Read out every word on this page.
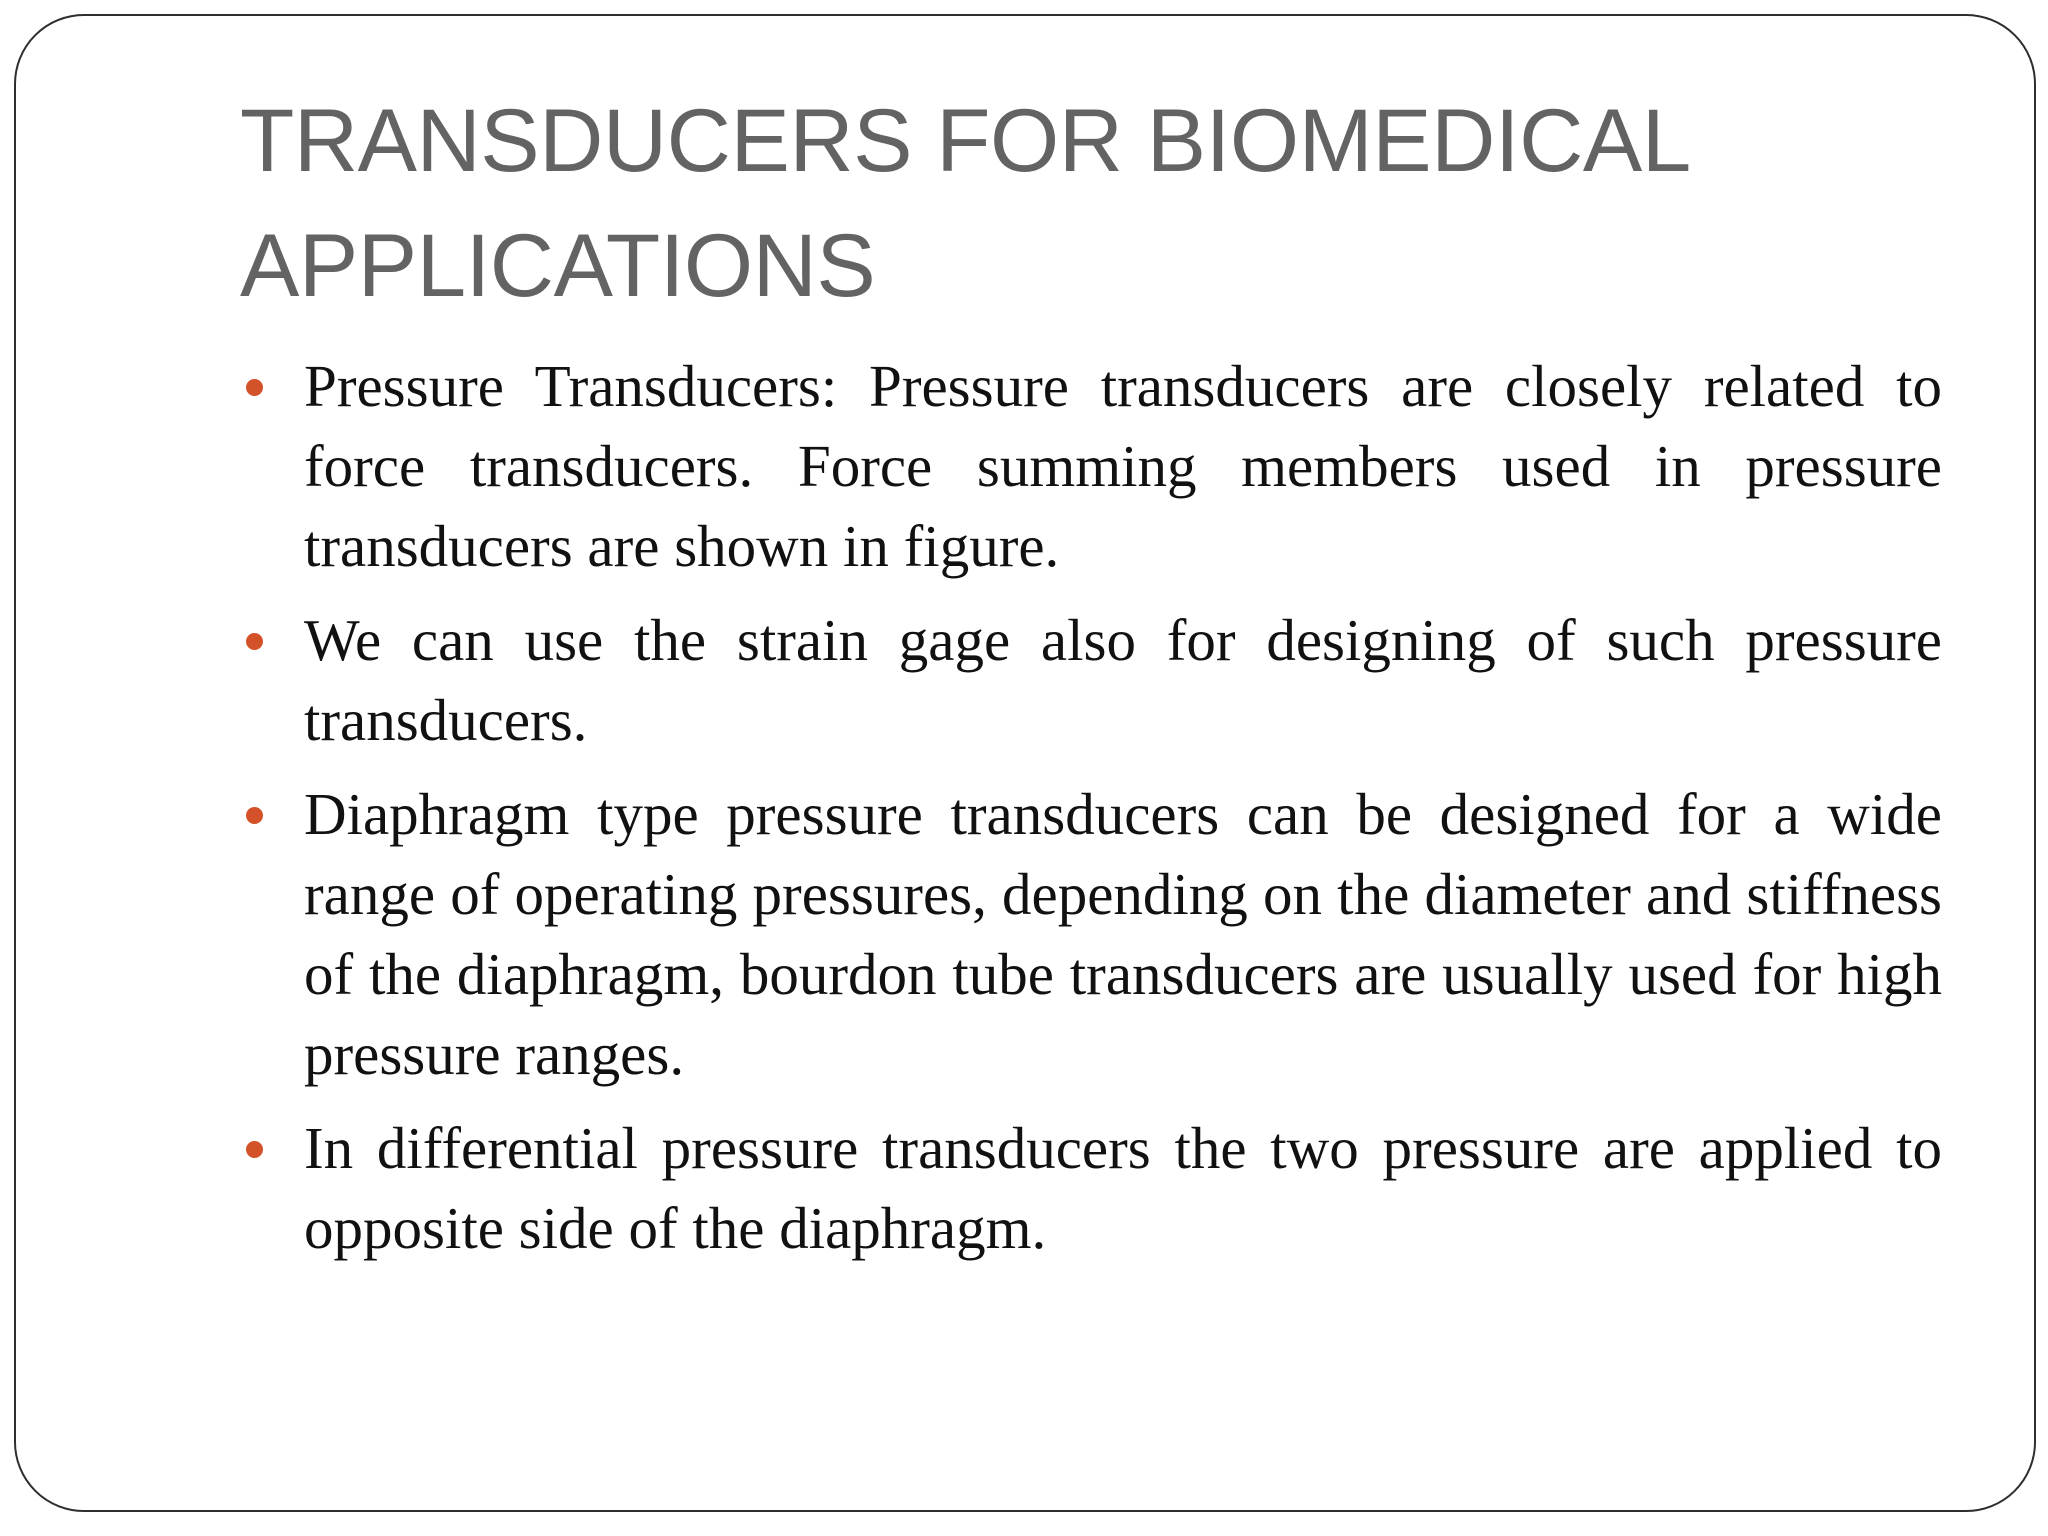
TRANSDUCERS FOR BIOMEDICAL
APPLICATIONS
Pressure Transducers: Pressure transducers are closely related to force transducers. Force summing members used in pressure transducers are shown in figure.
We can use the strain gage also for designing of such pressure transducers.
Diaphragm type pressure transducers can be designed for a wide range of operating pressures, depending on the diameter and stiffness of the diaphragm, bourdon tube transducers are usually used for high pressure ranges.
In differential pressure transducers the two pressure are applied to opposite side of the diaphragm.
